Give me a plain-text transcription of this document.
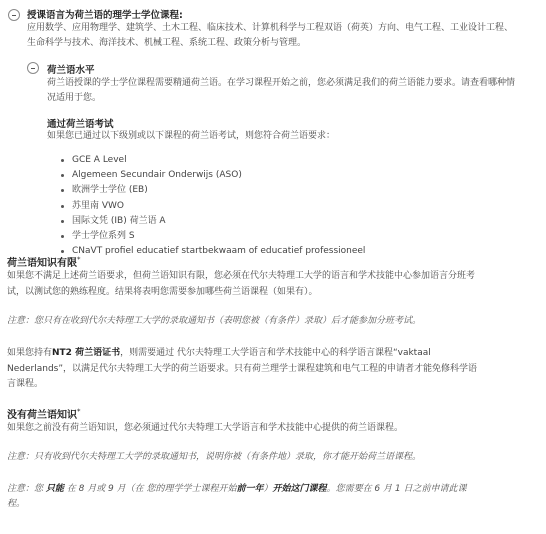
授课语言为荷兰语的理学士学位课程:
应用数学、应用物理学、建筑学、土木工程、临床技术、计算机科学与工程双语（荷英）方向、电气工程、工业设计工程、
生命科学与技术、海洋技术、机械工程、系统工程、政策分析与管理。
荷兰语水平
荷兰语授课的学士学位课程需要精通荷兰语。在学习课程开始之前，您必须满足我们的荷兰语能力要求。请查看哪种情
况适用于您。
通过荷兰语考试
如果您已通过以下级别或以下课程的荷兰语考试，则您符合荷兰语要求：
GCE A Level
Algemeen Secundair Onderwijs (ASO)
欧洲学士学位 (EB)
苏里南 VWO
国际文凭 (IB) 荷兰语 A
学士学位系列 S
CNaVT profiel educatief startbekwaam of educatief professioneel
荷兰语知识有限*
如果您不满足上述荷兰语要求，但荷兰语知识有限，您必须在代尔夫特理工大学的语言和学术技能中心参加语言分班考
试，以测试您的熟练程度。结果将表明您需要参加哪些荷兰语课程（如果有）。
注意：您只有在收到代尔夫特理工大学的录取通知书（表明您被（有条件）录取）后才能参加分班考试。
如果您持有NT2 荷兰语证书，则需要通过 代尔夫特理工大学语言和学术技能中心的科学语言课程“vaktaal
Nederlands”，以满足代尔夫特理工大学的荷兰语要求。只有荷兰理学士课程建筑和电气工程的申请者才能免修科学语
言课程。
没有荷兰语知识*
如果您之前没有荷兰语知识，您必须通过代尔夫特理工大学语言和学术技能中心提供的荷兰语课程。
注意：只有收到代尔夫特理工大学的录取通知书，说明你被（有条件地）录取，你才能开始荷兰语课程。
注意：您 只能 在 8 月或 9 月（在 您的理学学士课程开始前一年）开始这门课程。您需要在 6 月 1 日之前申请此课
程。
